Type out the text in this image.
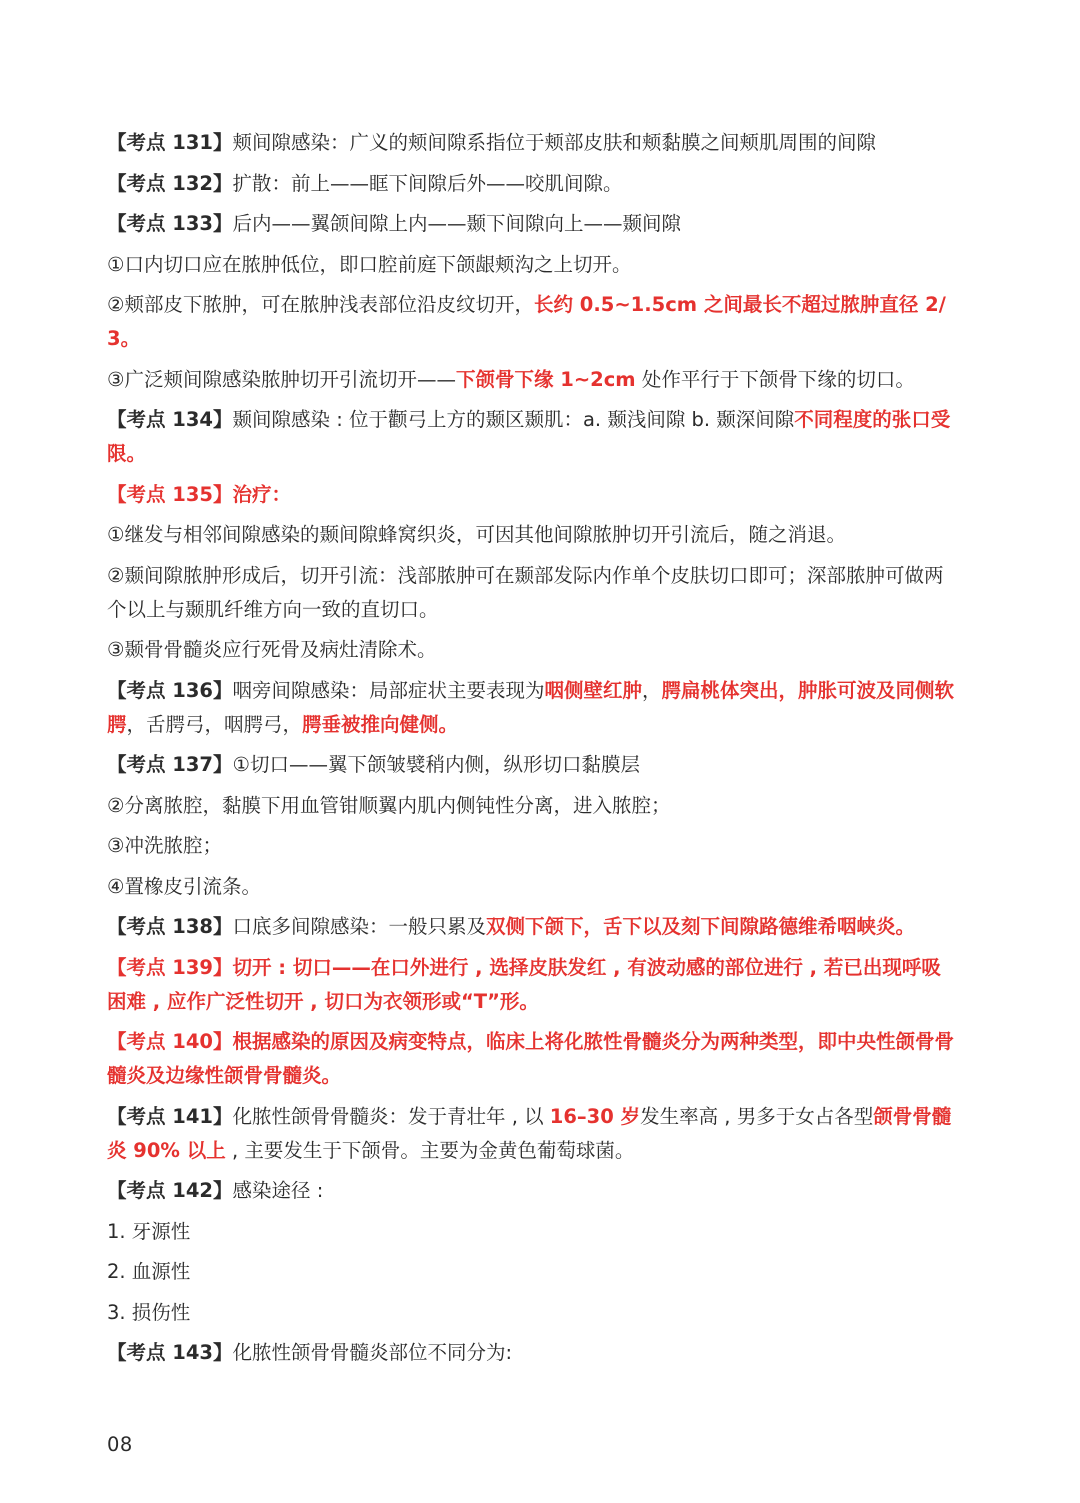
【考点 131】颊间隙感染：广义的颊间隙系指位于颊部皮肤和颊黏膜之间颊肌周围的间隙
【考点 132】扩散：前上——眶下间隙后外——咬肌间隙。
【考点 133】后内——翼颌间隙上内——颞下间隙向上——颞间隙
①口内切口应在脓肿低位，即口腔前庭下颌龈颊沟之上切开。
②颊部皮下脓肿，可在脓肿浅表部位沿皮纹切开，长约 0.5~1.5cm 之间最长不超过脓肿直径 2/3。
③广泛颊间隙感染脓肿切开引流切开——下颌骨下缘 1~2cm 处作平行于下颌骨下缘的切口。
【考点 134】颞间隙感染 : 位于颧弓上方的颞区颞肌：a. 颞浅间隙 b. 颞深间隙不同程度的张口受限。
【考点 135】治疗：
①继发与相邻间隙感染的颞间隙蜂窝织炎，可因其他间隙脓肿切开引流后，随之消退。
②颞间隙脓肿形成后，切开引流：浅部脓肿可在颞部发际内作单个皮肤切口即可；深部脓肿可做两个以上与颞肌纤维方向一致的直切口。
③颞骨骨髓炎应行死骨及病灶清除术。
【考点 136】咽旁间隙感染：局部症状主要表现为咽侧壁红肿，腭扁桃体突出，肿胀可波及同侧软腭，舌腭弓，咽腭弓，腭垂被推向健侧。
【考点 137】①切口——翼下颌皱襞稍内侧，纵形切口黏膜层
②分离脓腔，黏膜下用血管钳顺翼内肌内侧钝性分离，进入脓腔；
③冲洗脓腔；
④置橡皮引流条。
【考点 138】口底多间隙感染：一般只累及双侧下颌下，舌下以及刻下间隙路德维希咽峡炎。
【考点 139】切开 : 切口——在口外进行 , 选择皮肤发红 , 有波动感的部位进行 , 若已出现呼吸困难 , 应作广泛性切开 , 切口为衣领形或“T”形。
【考点 140】根据感染的原因及病变特点，临床上将化脓性骨髓炎分为两种类型，即中央性颌骨骨髓炎及边缘性颌骨骨髓炎。
【考点 141】化脓性颌骨骨髓炎：发于青壮年 , 以 16–30 岁发生率高 , 男多于女占各型颌骨骨髓炎 90% 以上 , 主要发生于下颌骨。主要为金黄色葡萄球菌。
【考点 142】感染途径 :
1. 牙源性
2. 血源性
3. 损伤性
【考点 143】化脓性颌骨骨髓炎部位不同分为:
08
